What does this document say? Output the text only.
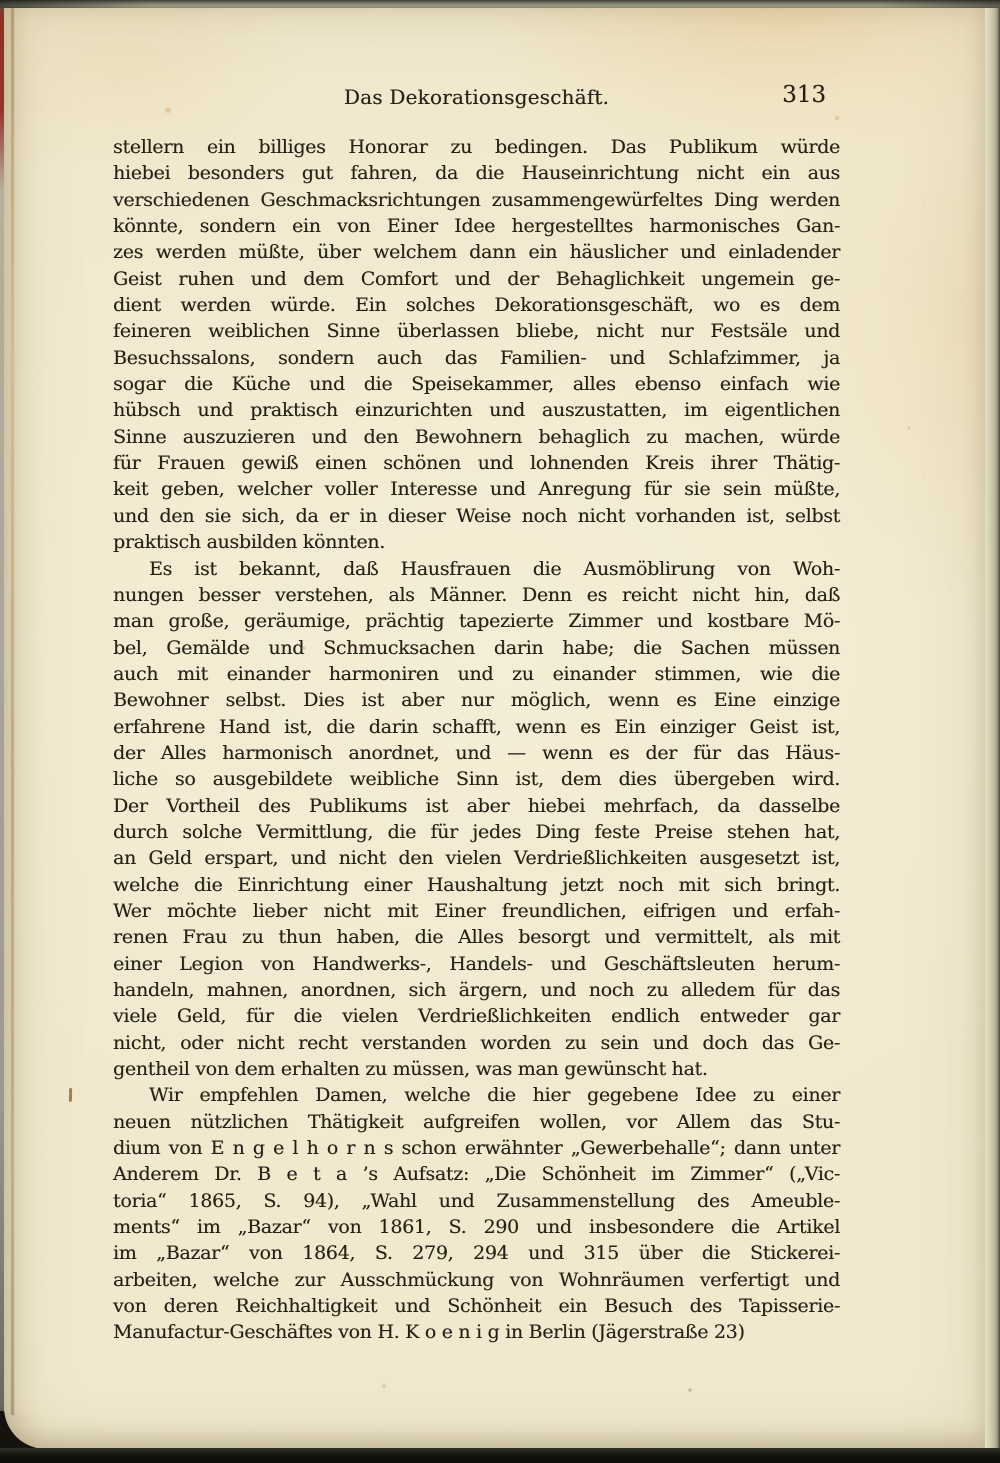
Das Dekorationsgeschäft.	313
stellern ein billiges Honorar zu bedingen. Das Publikum würde
hiebei besonders gut fahren, da die Hauseinrichtung nicht ein aus
verschiedenen Geschmacksrichtungen zusammengewürfeltes Ding werden
könnte, sondern ein von Einer Idee hergestelltes harmonisches Gan-
zes werden müßte, über welchem dann ein häuslicher und einladender
Geist ruhen und dem Comfort und der Behaglichkeit ungemein ge-
dient werden würde. Ein solches Dekorationsgeschäft, wo es dem
feineren weiblichen Sinne überlassen bliebe, nicht nur Festsäle und
Besuchssalons, sondern auch das Familien- und Schlafzimmer, ja
sogar die Küche und die Speisekammer, alles ebenso einfach wie
hübsch und praktisch einzurichten und auszustatten, im eigentlichen
Sinne auszuzieren und den Bewohnern behaglich zu machen, würde
für Frauen gewiß einen schönen und lohnenden Kreis ihrer Thätig-
keit geben, welcher voller Interesse und Anregung für sie sein müßte,
und den sie sich, da er in dieser Weise noch nicht vorhanden ist, selbst
praktisch ausbilden könnten.
Es ist bekannt, daß Hausfrauen die Ausmöblirung von Woh-
nungen besser verstehen, als Männer. Denn es reicht nicht hin, daß
man große, geräumige, prächtig tapezierte Zimmer und kostbare Mö-
bel, Gemälde und Schmucksachen darin habe; die Sachen müssen
auch mit einander harmoniren und zu einander stimmen, wie die
Bewohner selbst. Dies ist aber nur möglich, wenn es Eine einzige
erfahrene Hand ist, die darin schafft, wenn es Ein einziger Geist ist,
der Alles harmonisch anordnet, und — wenn es der für das Häus-
liche so ausgebildete weibliche Sinn ist, dem dies übergeben wird.
Der Vortheil des Publikums ist aber hiebei mehrfach, da dasselbe
durch solche Vermittlung, die für jedes Ding feste Preise stehen hat,
an Geld erspart, und nicht den vielen Verdrießlichkeiten ausgesetzt ist,
welche die Einrichtung einer Haushaltung jetzt noch mit sich bringt.
Wer möchte lieber nicht mit Einer freundlichen, eifrigen und erfah-
renen Frau zu thun haben, die Alles besorgt und vermittelt, als mit
einer Legion von Handwerks-, Handels- und Geschäftsleuten herum-
handeln, mahnen, anordnen, sich ärgern, und noch zu alledem für das
viele Geld, für die vielen Verdrießlichkeiten endlich entweder gar
nicht, oder nicht recht verstanden worden zu sein und doch das Ge-
gentheil von dem erhalten zu müssen, was man gewünscht hat.
Wir empfehlen Damen, welche die hier gegebene Idee zu einer
neuen nützlichen Thätigkeit aufgreifen wollen, vor Allem das Stu-
dium von E n g e l h o r n s schon erwähnter „Gewerbehalle“; dann unter
Anderem Dr. B e t a ’s Aufsatz: „Die Schönheit im Zimmer“ („Vic-
toria“ 1865, S. 94), „Wahl und Zusammenstellung des Ameuble-
ments“ im „Bazar“ von 1861, S. 290 und insbesondere die Artikel
im „Bazar“ von 1864, S. 279, 294 und 315 über die Stickerei-
arbeiten, welche zur Ausschmückung von Wohnräumen verfertigt und
von deren Reichhaltigkeit und Schönheit ein Besuch des Tapisserie-
Manufactur-Geschäftes von H. K o e n i g in Berlin (Jägerstraße 23)
